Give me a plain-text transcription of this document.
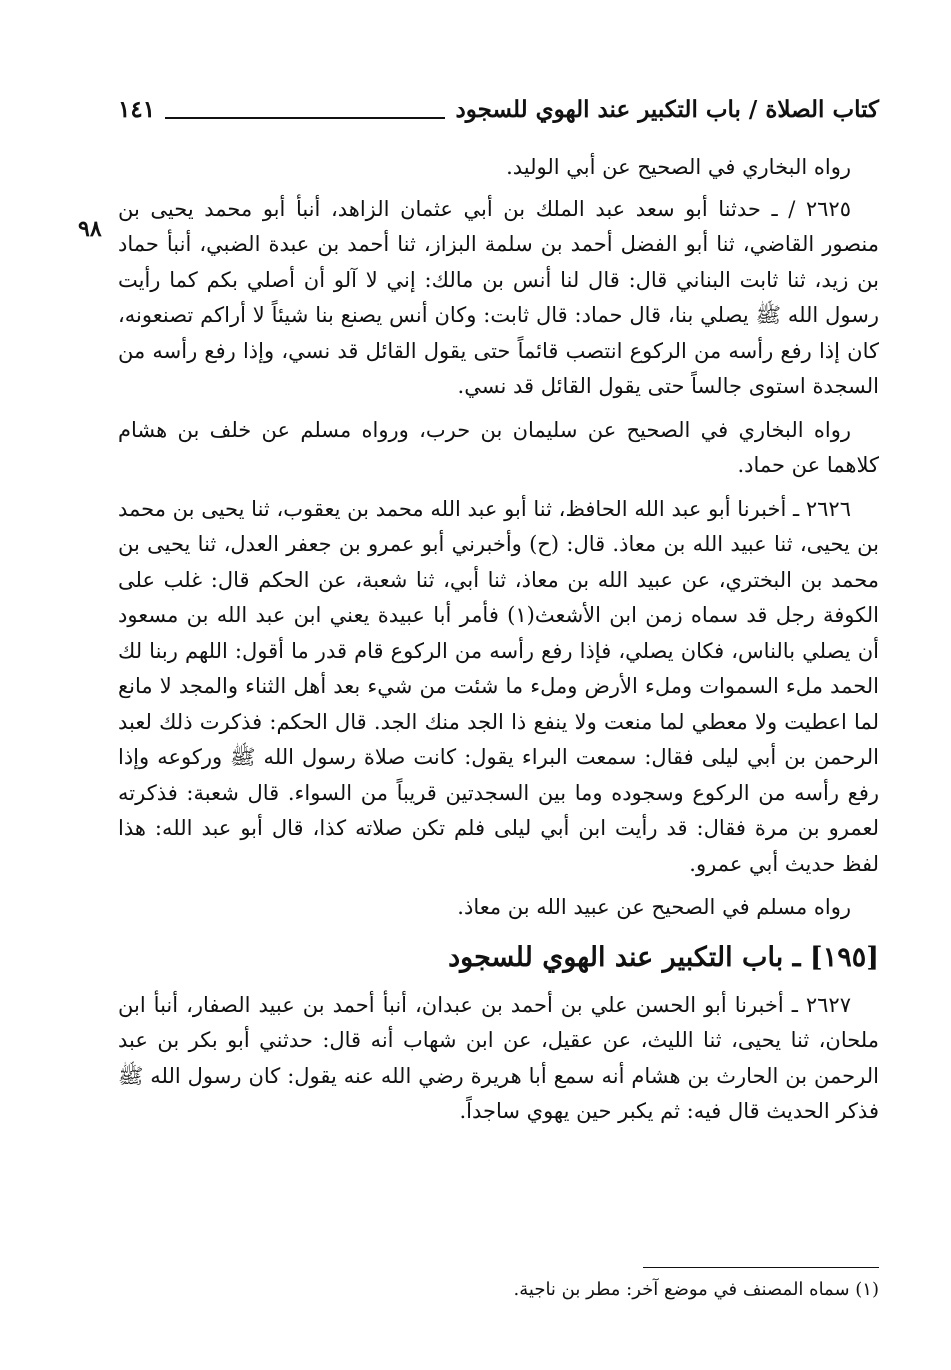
كتاب الصلاة / باب التكبير عند الهوي للسجود
١٤١
٩٨

رواه البخاري في الصحيح عن أبي الوليد.

٢٦٢٥ / ـ حدثنا أبو سعد عبد الملك بن أبي عثمان الزاهد، أنبأ أبو محمد يحيى بن منصور القاضي، ثنا أبو الفضل أحمد بن سلمة البزاز، ثنا أحمد بن عبدة الضبي، أنبأ حماد بن زيد، ثنا ثابت البناني قال: قال لنا أنس بن مالك: إني لا آلو أن أصلي بكم كما رأيت رسول الله ﷺ يصلي بنا، قال حماد: قال ثابت: وكان أنس يصنع بنا شيئاً لا أراكم تصنعونه، كان إذا رفع رأسه من الركوع انتصب قائماً حتى يقول القائل قد نسي، وإذا رفع رأسه من السجدة استوى جالساً حتى يقول القائل قد نسي.

رواه البخاري في الصحيح عن سليمان بن حرب، ورواه مسلم عن خلف بن هشام كلاهما عن حماد.

٢٦٢٦ ـ أخبرنا أبو عبد الله الحافظ، ثنا أبو عبد الله محمد بن يعقوب، ثنا يحيى بن محمد بن يحيى، ثنا عبيد الله بن معاذ. قال: (ح) وأخبرني أبو عمرو بن جعفر العدل، ثنا يحيى بن محمد بن البختري، عن عبيد الله بن معاذ، ثنا أبي، ثنا شعبة، عن الحكم قال: غلب على الكوفة رجل قد سماه زمن ابن الأشعث(١) فأمر أبا عبيدة يعني ابن عبد الله بن مسعود أن يصلي بالناس، فكان يصلي، فإذا رفع رأسه من الركوع قام قدر ما أقول: اللهم ربنا لك الحمد ملء السموات وملء الأرض وملء ما شئت من شيء بعد أهل الثناء والمجد لا مانع لما اعطيت ولا معطي لما منعت ولا ينفع ذا الجد منك الجد. قال الحكم: فذكرت ذلك لعبد الرحمن بن أبي ليلى فقال: سمعت البراء يقول: كانت صلاة رسول الله ﷺ وركوعه وإذا رفع رأسه من الركوع وسجوده وما بين السجدتين قريباً من السواء. قال شعبة: فذكرته لعمرو بن مرة فقال: قد رأيت ابن أبي ليلى فلم تكن صلاته كذا، قال أبو عبد الله: هذا لفظ حديث أبي عمرو.

رواه مسلم في الصحيح عن عبيد الله بن معاذ.

[١٩٥] ـ باب التكبير عند الهوي للسجود

٢٦٢٧ ـ أخبرنا أبو الحسن علي بن أحمد بن عبدان، أنبأ أحمد بن عبيد الصفار، أنبأ ابن ملحان، ثنا يحيى، ثنا الليث، عن عقيل، عن ابن شهاب أنه قال: حدثني أبو بكر بن عبد الرحمن بن الحارث بن هشام أنه سمع أبا هريرة رضي الله عنه يقول: كان رسول الله ﷺ فذكر الحديث قال فيه: ثم يكبر حين يهوي ساجداً.

(١) سماه المصنف في موضع آخر: مطر بن ناجية.
